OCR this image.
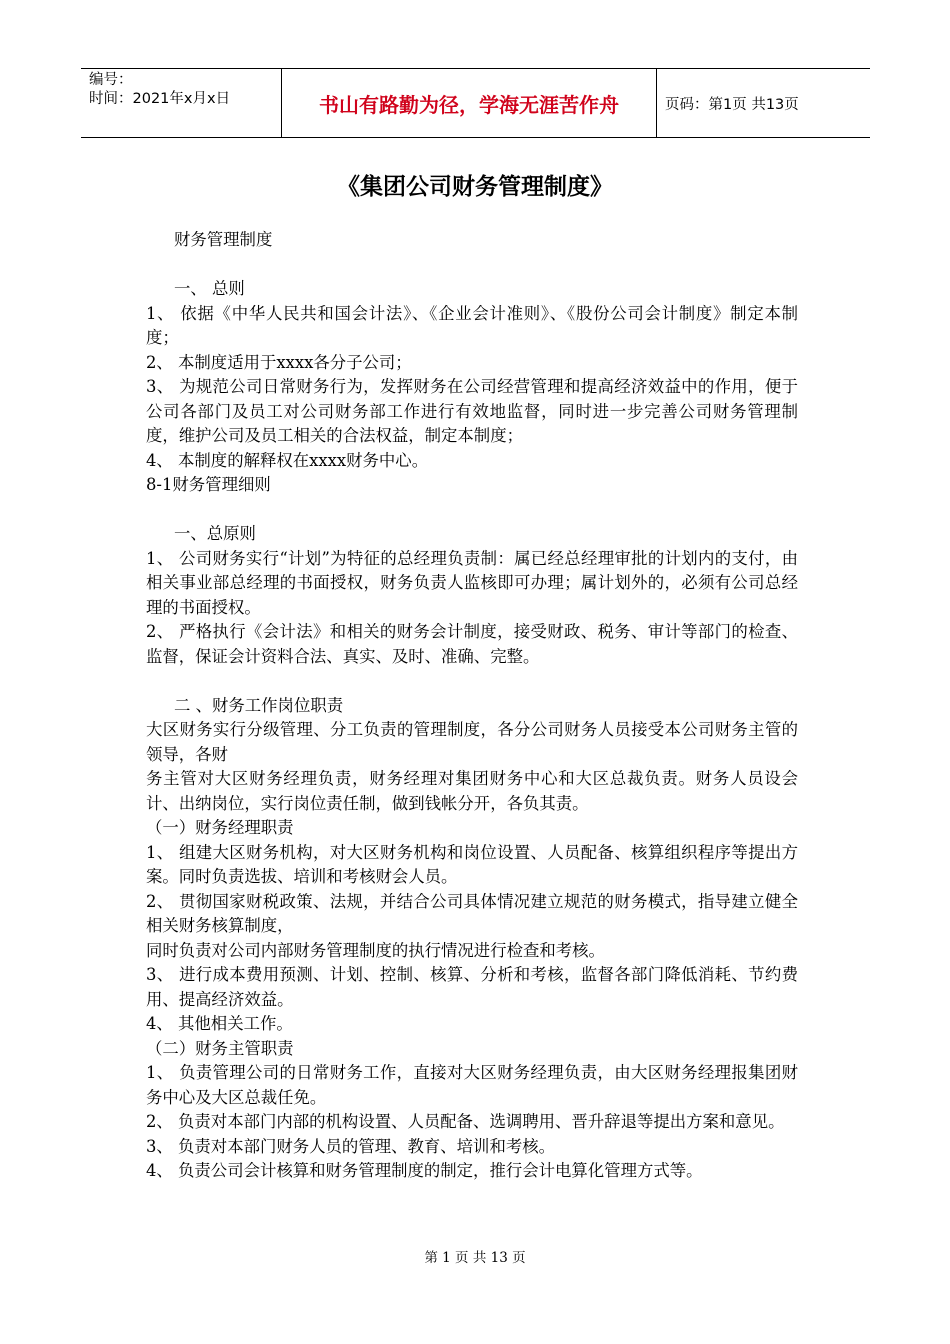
编号：
时间：2021年x月x日	书山有路勤为径，学海无涯苦作舟	页码：第1页 共13页
《集团公司财务管理制度》

财务管理制度

一、 总则

1、 依据《中华人民共和国会计法》、《企业会计准则》、《股份公司会计制度》制定本制度；

2、 本制度适用于xxxx各分子公司；

3、 为规范公司日常财务行为，发挥财务在公司经营管理和提高经济效益中的作用，便于公司各部门及员工对公司财务部工作进行有效地监督，同时进一步完善公司财务管理制度，维护公司及员工相关的合法权益，制定本制度；

4、 本制度的解释权在xxxx财务中心。

8-1财务管理细则

一、总原则

1、 公司财务实行“计划”为特征的总经理负责制：属已经总经理审批的计划内的支付，由相关事业部总经理的书面授权，财务负责人监核即可办理；属计划外的，必须有公司总经理的书面授权。

2、 严格执行《会计法》和相关的财务会计制度，接受财政、税务、审计等部门的检查、监督，保证会计资料合法、真实、及时、准确、完整。

二 、财务工作岗位职责

大区财务实行分级管理、分工负责的管理制度，各分公司财务人员接受本公司财务主管的领导，各财

务主管对大区财务经理负责，财务经理对集团财务中心和大区总裁负责。财务人员设会计、出纳岗位，实行岗位责任制，做到钱帐分开，各负其责。

（一）财务经理职责

1、 组建大区财务机构，对大区财务机构和岗位设置、人员配备、核算组织程序等提出方案。同时负责选拔、培训和考核财会人员。

2、 贯彻国家财税政策、法规，并结合公司具体情况建立规范的财务模式，指导建立健全相关财务核算制度，

同时负责对公司内部财务管理制度的执行情况进行检查和考核。

3、 进行成本费用预测、计划、控制、核算、分析和考核，监督各部门降低消耗、节约费用、提高经济效益。

4、 其他相关工作。

（二）财务主管职责

1、 负责管理公司的日常财务工作，直接对大区财务经理负责，由大区财务经理报集团财务中心及大区总裁任免。

2、 负责对本部门内部的机构设置、人员配备、选调聘用、晋升辞退等提出方案和意见。

3、 负责对本部门财务人员的管理、教育、培训和考核。

4、 负责公司会计核算和财务管理制度的制定，推行会计电算化管理方式等。

第 1 页 共 13 页
